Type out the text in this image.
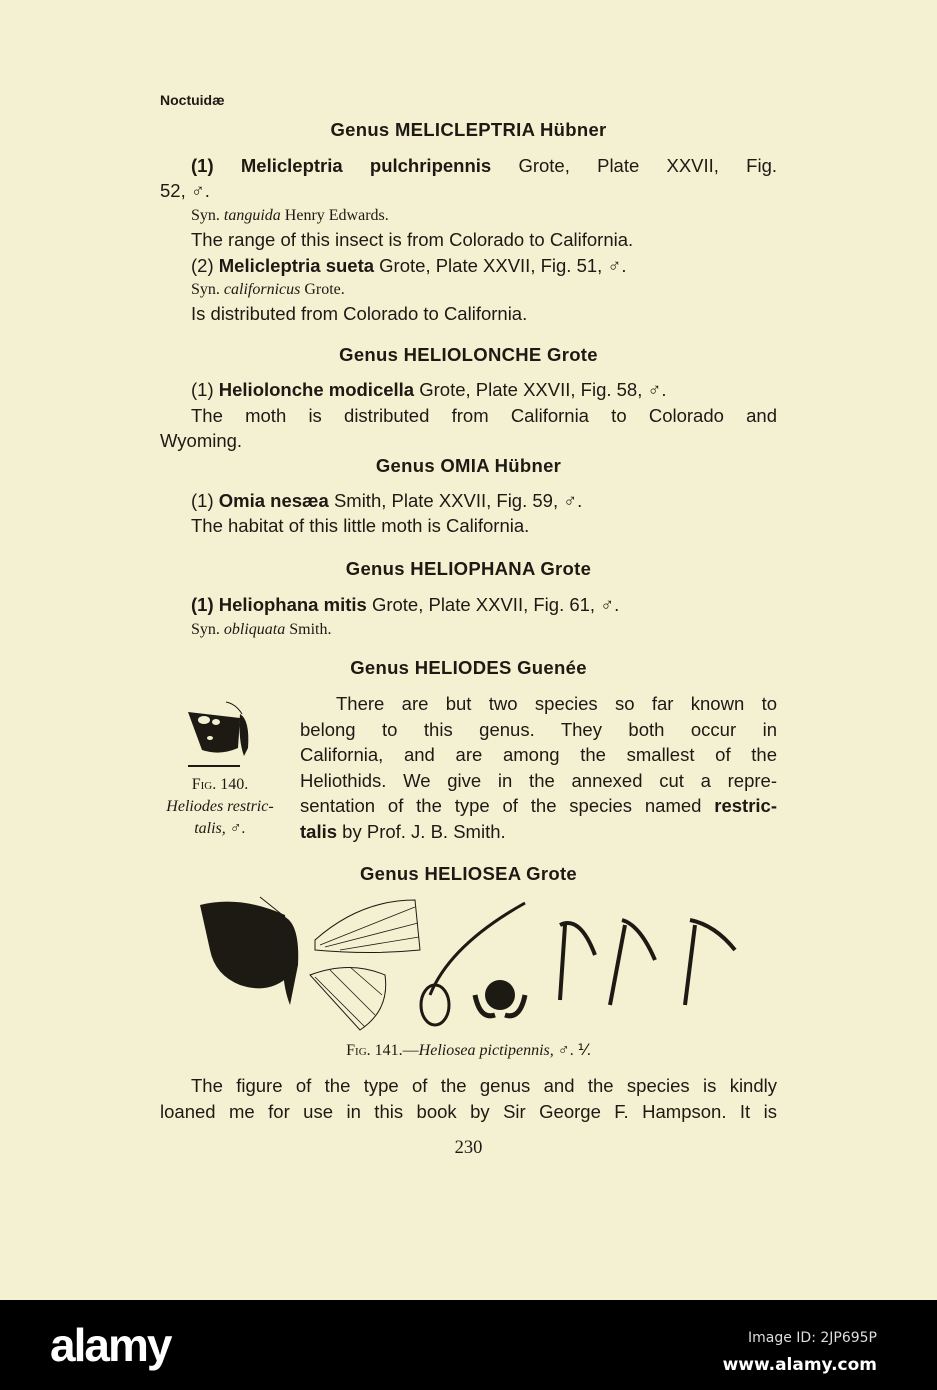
Noctuidæ
Genus MELICLEPTRIA Hübner
(1) Melicleptria pulchripennis Grote, Plate XXVII, Fig.
52, ♂.
Syn. tanguida Henry Edwards.
The range of this insect is from Colorado to California.
(2) Melicleptria sueta Grote, Plate XXVII, Fig. 51, ♂.
Syn. californicus Grote.
Is distributed from Colorado to California.
Genus HELIOLONCHE Grote
(1) Heliolonche modicella Grote, Plate XXVII, Fig. 58, ♂.
The moth is distributed from California to Colorado and
Wyoming.
Genus OMIA Hübner
(1) Omia nesæa Smith, Plate XXVII, Fig. 59, ♂.
The habitat of this little moth is California.
Genus HELIOPHANA Grote
(1) Heliophana mitis Grote, Plate XXVII, Fig. 61, ♂.
Syn. obliquata Smith.
Genus HELIODES Guenée
There are but two species so far known to
belong to this genus. They both occur in
California, and are among the smallest of the
Heliothids. We give in the annexed cut a repre-
sentation of the type of the species named restric-
talis by Prof. J. B. Smith.
Fig. 140.
Heliodes restric-
talis, ♂.
Genus HELIOSEA Grote
Fig. 141.—Heliosea pictipennis, ♂. ⅟.
The figure of the type of the genus and the species is kindly
loaned me for use in this book by Sir George F. Hampson. It is
230
alamy	Image ID: 2JP695P
www.alamy.com
